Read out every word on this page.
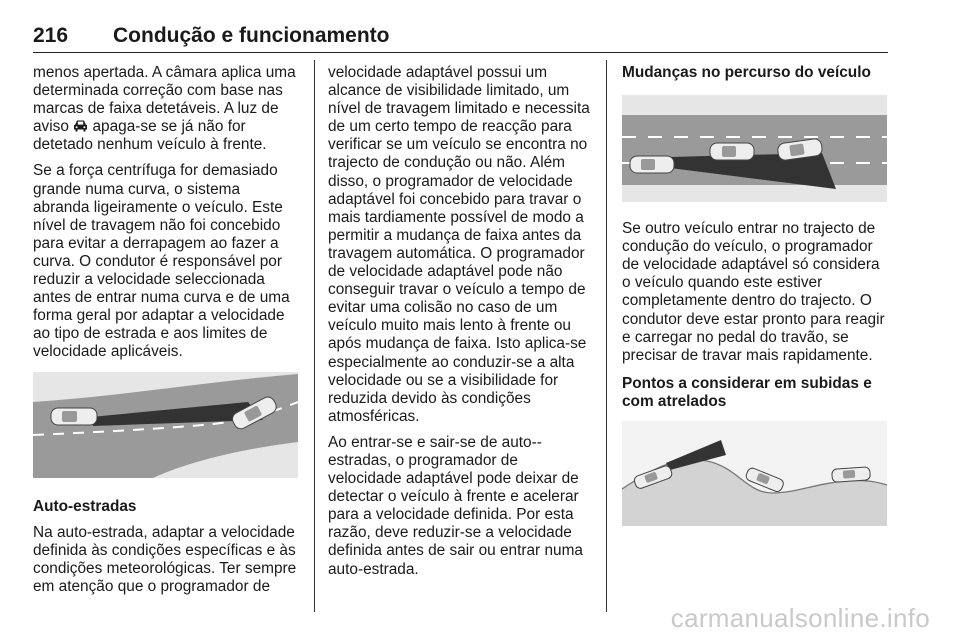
216 Condução e funcionamento

menos apertada. A câmara aplica uma determinada correção com base nas marcas de faixa detetáveis. A luz de aviso  apaga-se se já não for detetado nenhum veículo à frente.

Se a força centrífuga for demasiado grande numa curva, o sistema abranda ligeiramente o veículo. Este nível de travagem não foi concebido para evitar a derrapagem ao fazer a curva. O condutor é responsável por reduzir a velocidade seleccionada antes de entrar numa curva e de uma forma geral por adaptar a velocidade ao tipo de estrada e aos limites de velocidade aplicáveis.

Auto-estradas

Na auto-estrada, adaptar a velocidade definida às condições específicas e às condições meteorológicas. Ter sempre em atenção que o programador de

velocidade adaptável possui um alcance de visibilidade limitado, um nível de travagem limitado e necessita de um certo tempo de reacção para verificar se um veículo se encontra no trajecto de condução ou não. Além disso, o programador de velocidade adaptável foi concebido para travar o mais tardiamente possível de modo a permitir a mudança de faixa antes da travagem automática. O programador de velocidade adaptável pode não conseguir travar o veículo a tempo de evitar uma colisão no caso de um veículo muito mais lento à frente ou após mudança de faixa. Isto aplica-se especialmente ao conduzir-se a alta velocidade ou se a visibilidade for reduzida devido às condições atmosféricas.

Ao entrar-se e sair-se de auto--estradas, o programador de velocidade adaptável pode deixar de detectar o veículo à frente e acelerar para a velocidade definida. Por esta razão, deve reduzir-se a velocidade definida antes de sair ou entrar numa auto-estrada.

Mudanças no percurso do veículo

Se outro veículo entrar no trajecto de condução do veículo, o programador de velocidade adaptável só considera o veículo quando este estiver completamente dentro do trajecto. O condutor deve estar pronto para reagir e carregar no pedal do travão, se precisar de travar mais rapidamente.

Pontos a considerar em subidas e com atrelados

carmanualsonline.info
